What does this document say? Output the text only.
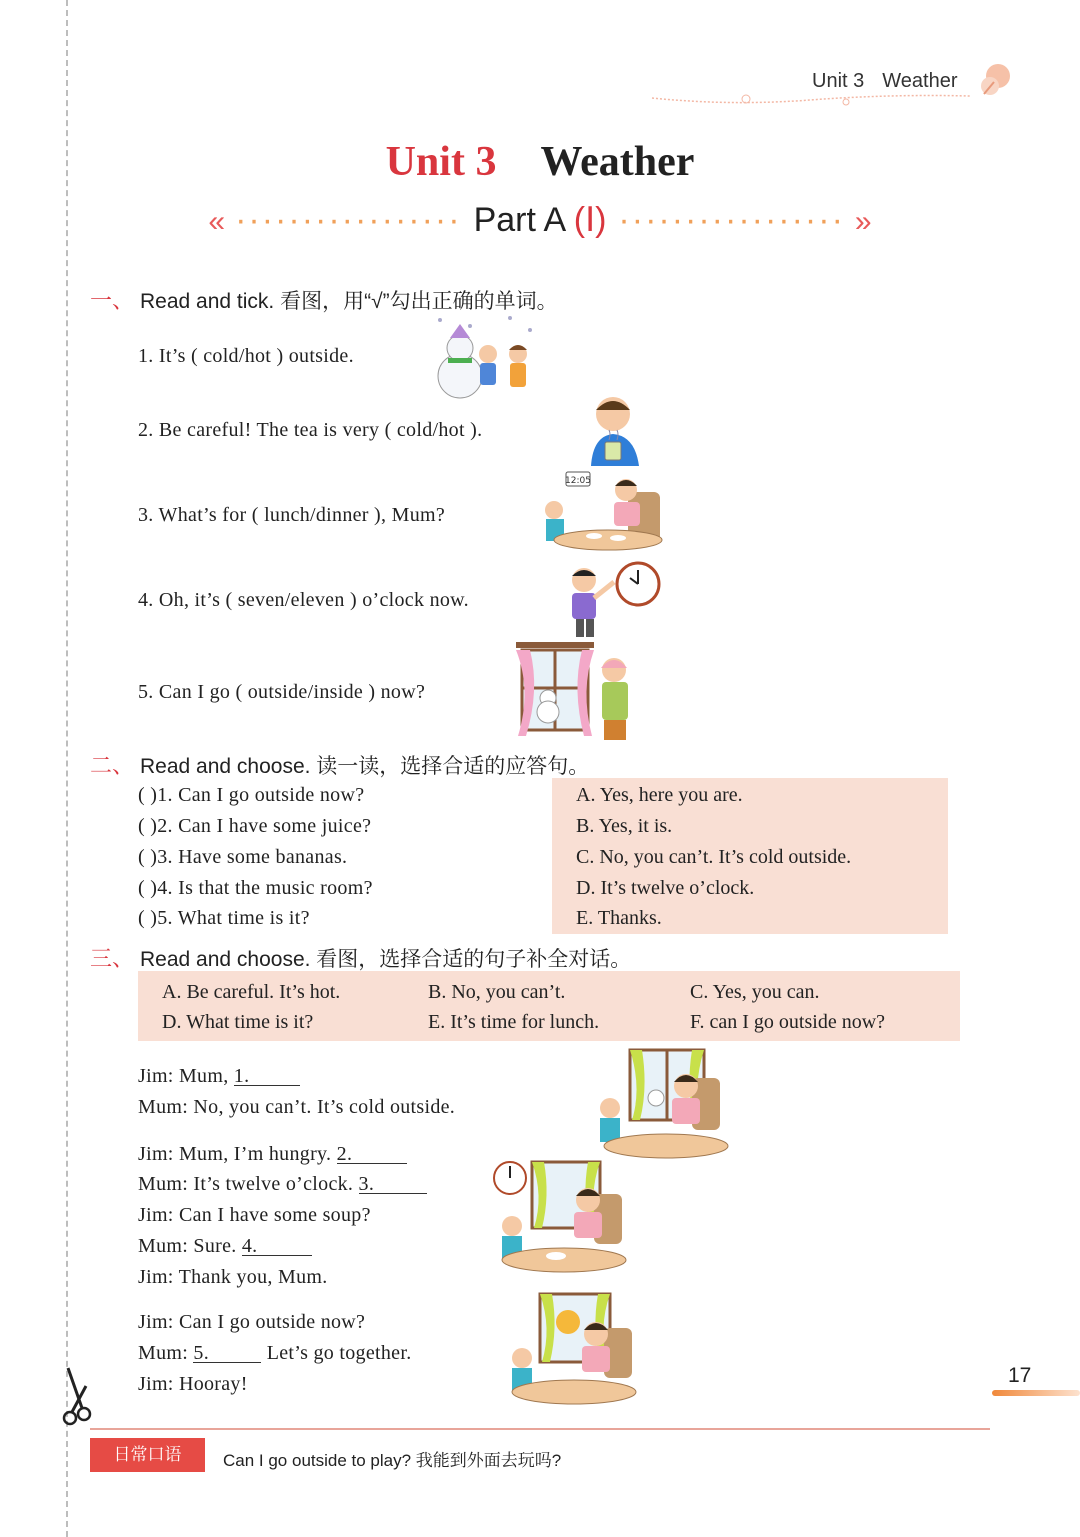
Unit 3 Weather
Unit 3 Weather
« ················· Part A (Ⅰ) ················· »
一、 Read and tick. 看图，用“√”勾出正确的单词。
1. It’s ( cold/hot ) outside.
2. Be careful! The tea is very ( cold/hot ).
3. What’s for ( lunch/dinner ), Mum?
4. Oh, it’s ( seven/eleven ) o’clock now.
5. Can I go ( outside/inside ) now?
12:05
二、 Read and choose. 读一读，选择合适的应答句。
( )1. Can I go outside now?
( )2. Can I have some juice?
( )3. Have some bananas.
( )4. Is that the music room?
( )5. What time is it?
A. Yes, here you are.
B. Yes, it is.
C. No, you can’t. It’s cold outside.
D. It’s twelve o’clock.
E. Thanks.
三、 Read and choose. 看图，选择合适的句子补全对话。
A. Be careful. It’s hot.	B. No, you can’t.	C. Yes, you can.
D. What time is it?	E. It’s time for lunch.	F. can I go outside now?
Jim: Mum, 1.
Mum: No, you can’t. It’s cold outside.
Jim: Mum, I’m hungry. 2.
Mum: It’s twelve o’clock. 3.
Jim: Can I have some soup?
Mum: Sure. 4.
Jim: Thank you, Mum.
Jim: Can I go outside now?
Mum: 5.	Let’s go together.
Jim: Hooray!	17
日常口语	Can I go outside to play? 我能到外面去玩吗?
